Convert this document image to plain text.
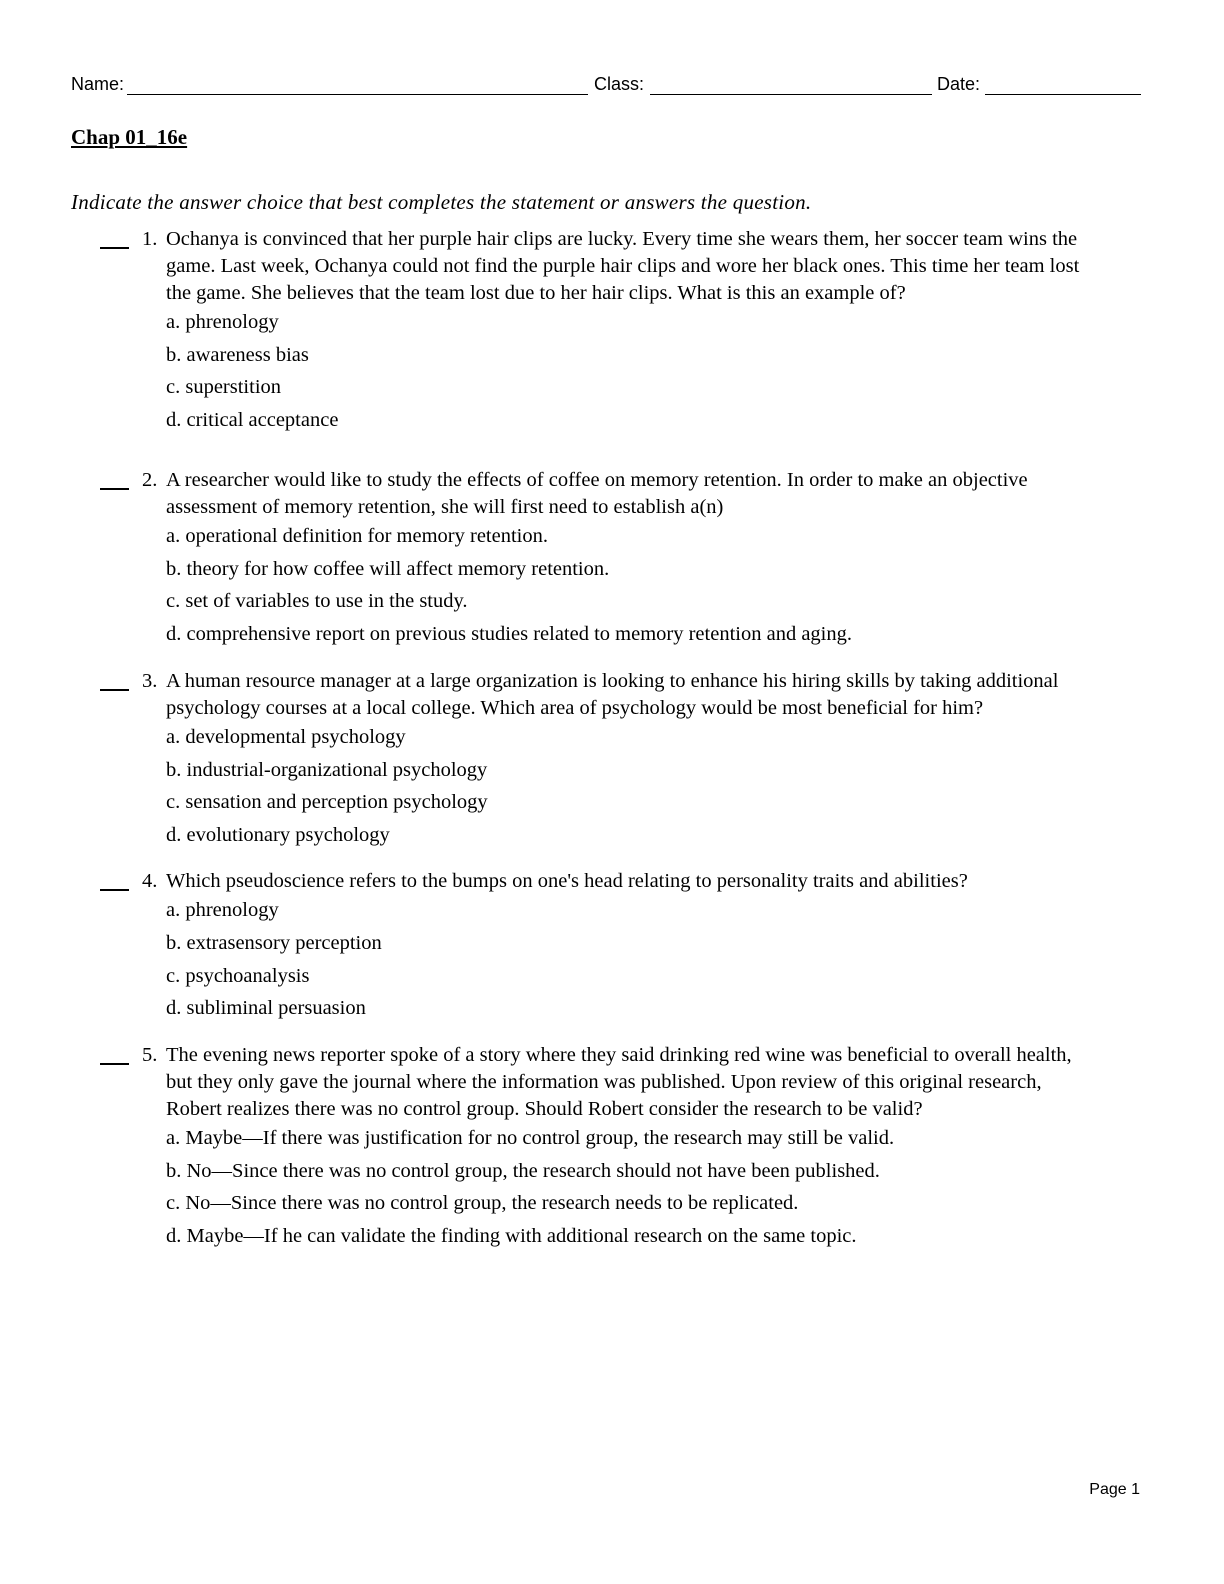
Name:	Class:	Date:
Chap 01_16e
Indicate the answer choice that best completes the statement or answers the question.
1. Ochanya is convinced that her purple hair clips are lucky. Every time she wears them, her soccer team wins the
game. Last week, Ochanya could not find the purple hair clips and wore her black ones. This time her team lost
the game. She believes that the team lost due to her hair clips. What is this an example of?
a. phrenology
b. awareness bias
c. superstition
d. critical acceptance
2. A researcher would like to study the effects of coffee on memory retention. In order to make an objective
assessment of memory retention, she will first need to establish a(n)
a. operational definition for memory retention.
b. theory for how coffee will affect memory retention.
c. set of variables to use in the study.
d. comprehensive report on previous studies related to memory retention and aging.
3. A human resource manager at a large organization is looking to enhance his hiring skills by taking additional
psychology courses at a local college. Which area of psychology would be most beneficial for him?
a. developmental psychology
b. industrial-organizational psychology
c. sensation and perception psychology
d. evolutionary psychology
4. Which pseudoscience refers to the bumps on one's head relating to personality traits and abilities?
a. phrenology
b. extrasensory perception
c. psychoanalysis
d. subliminal persuasion
5. The evening news reporter spoke of a story where they said drinking red wine was beneficial to overall health,
but they only gave the journal where the information was published. Upon review of this original research,
Robert realizes there was no control group. Should Robert consider the research to be valid?
a. Maybe—If there was justification for no control group, the research may still be valid.
b. No—Since there was no control group, the research should not have been published.
c. No—Since there was no control group, the research needs to be replicated.
d. Maybe—If he can validate the finding with additional research on the same topic.
Page 1
